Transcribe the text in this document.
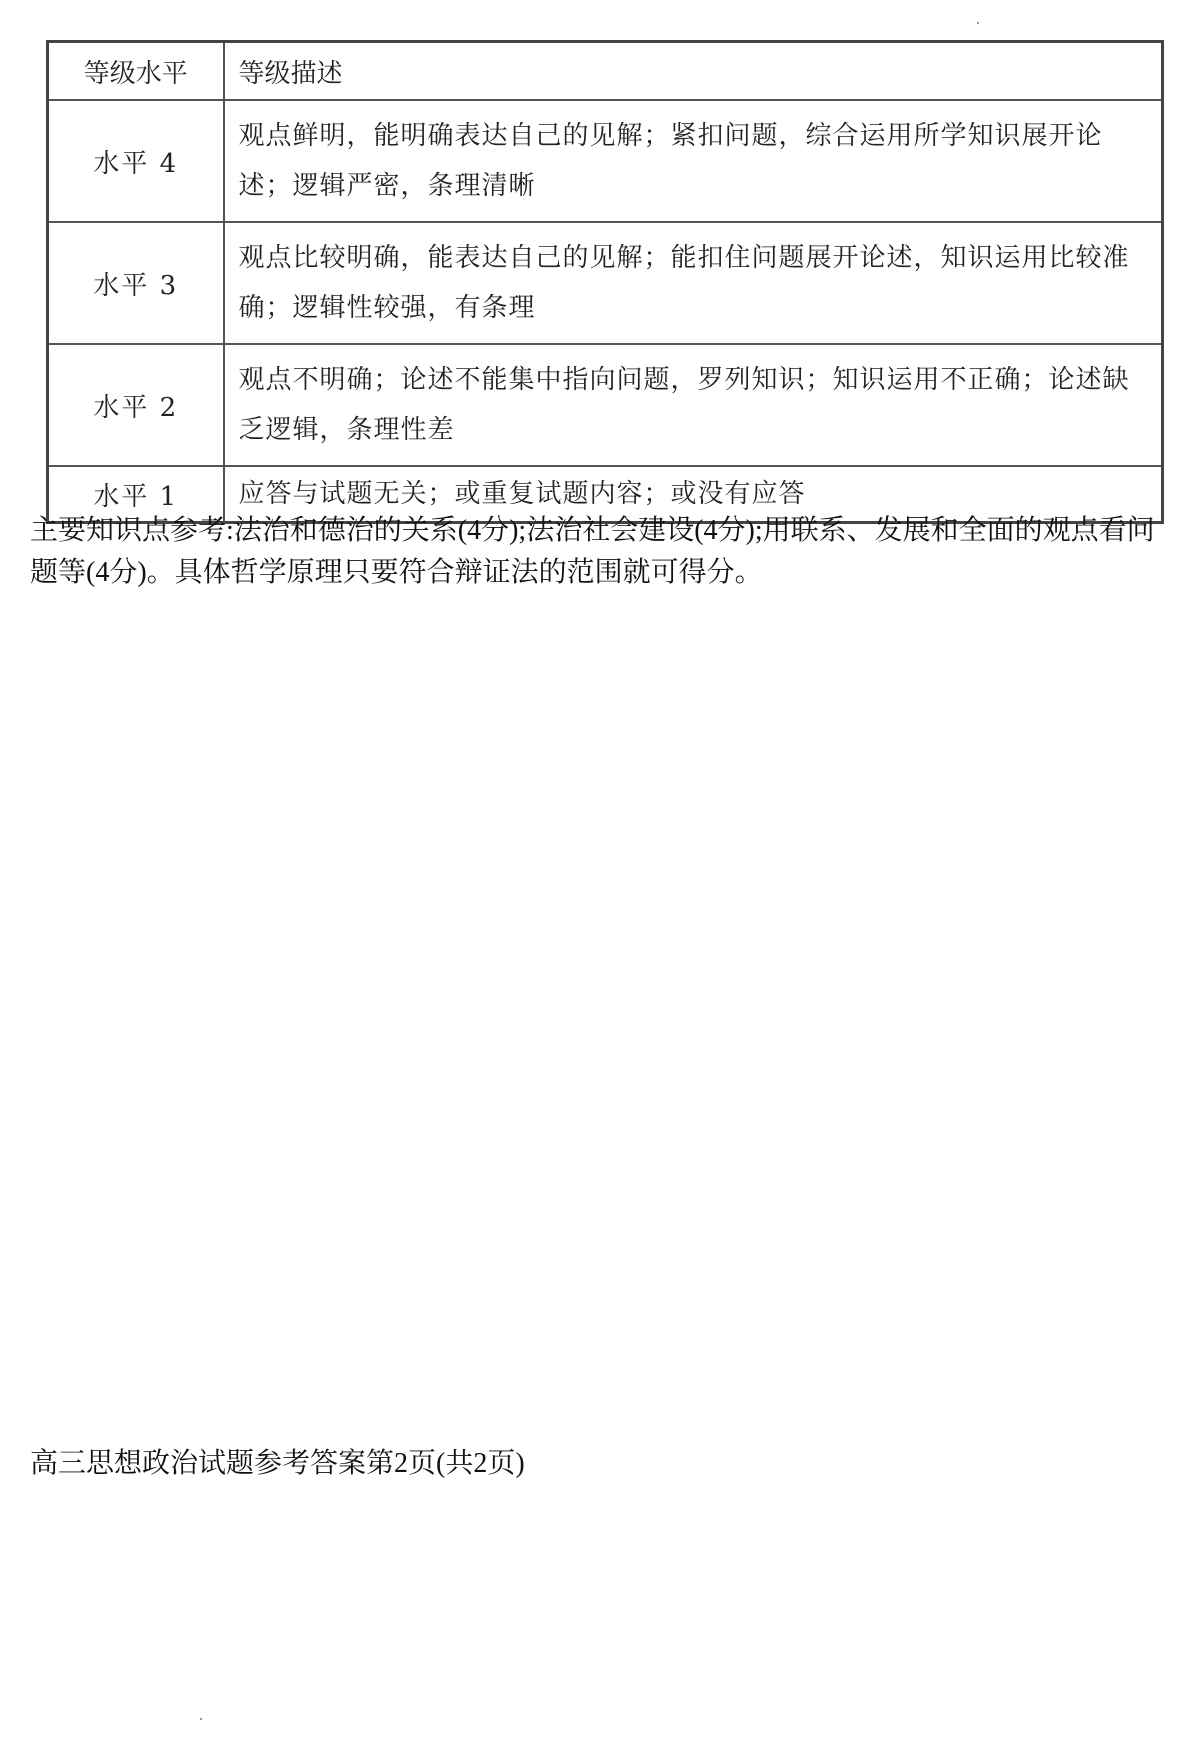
等级水平	等级描述
水平 4	观点鲜明，能明确表达自己的见解；紧扣问题，综合运用所学知识展开论述；逻辑严密，条理清晰
水平 3	观点比较明确，能表达自己的见解；能扣住问题展开论述，知识运用比较准确；逻辑性较强，有条理
水平 2	观点不明确；论述不能集中指向问题，罗列知识；知识运用不正确；论述缺乏逻辑，条理性差
水平 1	应答与试题无关；或重复试题内容；或没有应答

主要知识点参考:法治和德治的关系(4分);法治社会建设(4分);用联系、发展和全面的观点看问题等(4分)。具体哲学原理只要符合辩证法的范围就可得分。

高三思想政治试题参考答案第2页(共2页)
